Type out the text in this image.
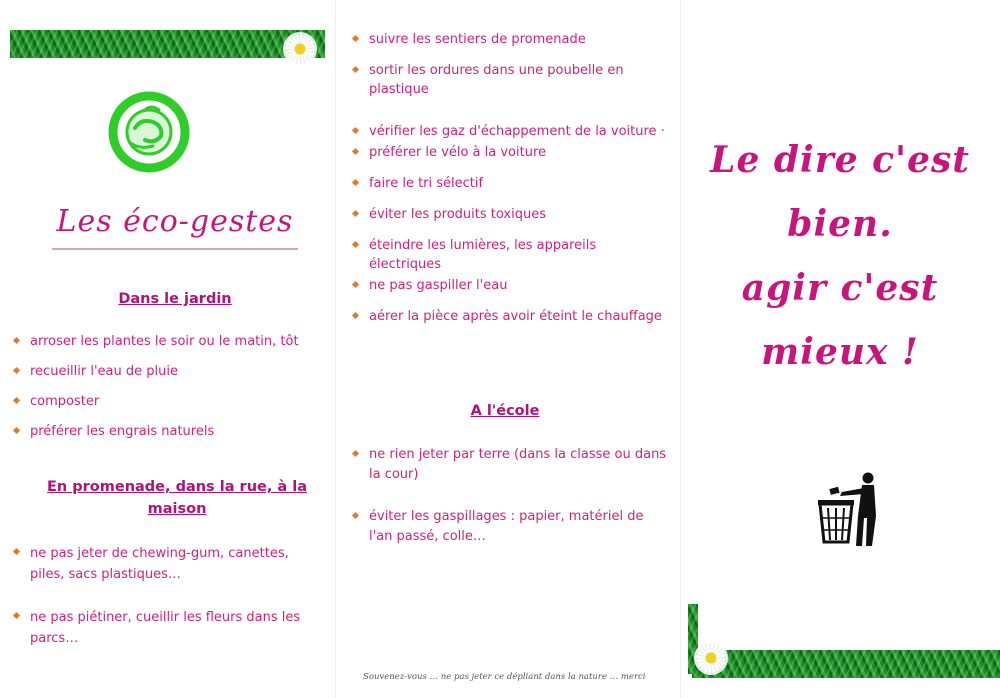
Les éco-gestes
Dans le jardin
arroser les plantes le soir ou le matin, tôt
recueillir l'eau de pluie
composter
préférer les engrais naturels
En promenade, dans la rue, à la maison
ne pas jeter de chewing-gum, canettes, piles, sacs plastiques…
ne pas piétiner, cueillir les fleurs dans les parcs…
suivre les sentiers de promenade
sortir les ordures dans une poubelle en plastique
vérifier les gaz d'échappement de la voiture ·
préférer le vélo à la voiture
faire le tri sélectif
éviter les produits toxiques
éteindre les lumières, les appareils électriques
ne pas gaspiller l'eau
aérer la pièce après avoir éteint le chauffage
A l'école
ne rien jeter par terre (dans la classe ou dans la cour)
éviter les gaspillages : papier, matériel de l'an passé, colle…
Souvenez-vous … ne pas jeter ce dépliant dans la nature … merci
Le dire c'est
bien.
agir c'est
mieux !
